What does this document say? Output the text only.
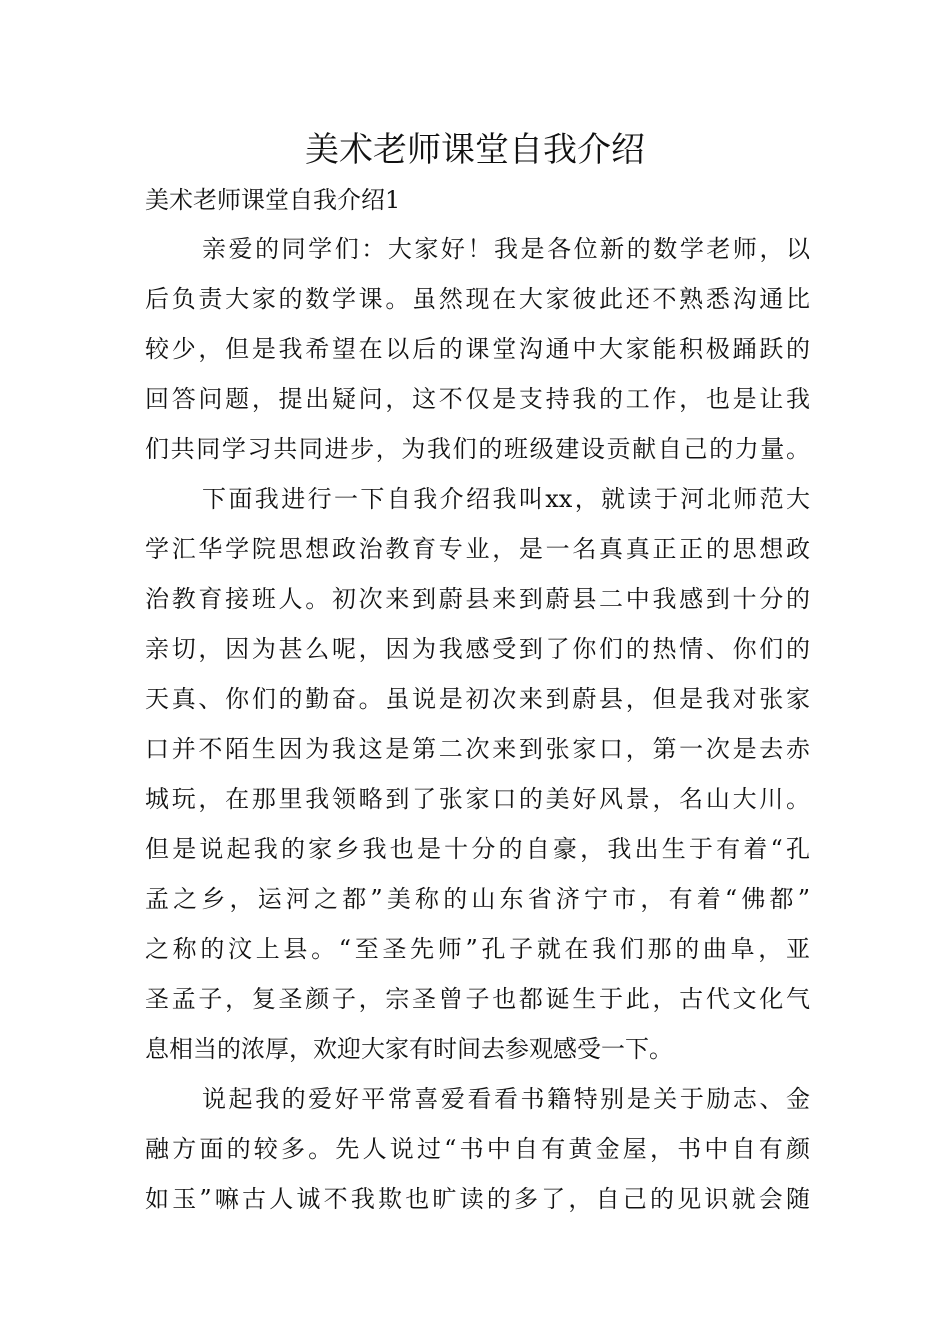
美术老师课堂自我介绍
美术老师课堂自我介绍1
亲爱的同学们：大家好！我是各位新的数学老师，以
后负责大家的数学课。虽然现在大家彼此还不熟悉沟通比
较少，但是我希望在以后的课堂沟通中大家能积极踊跃的
回答问题，提出疑问，这不仅是支持我的工作，也是让我
们共同学习共同进步，为我们的班级建设贡献自己的力量。
下面我进行一下自我介绍我叫xx，就读于河北师范大
学汇华学院思想政治教育专业，是一名真真正正的思想政
治教育接班人。初次来到蔚县来到蔚县二中我感到十分的
亲切，因为甚么呢，因为我感受到了你们的热情、你们的
天真、你们的勤奋。虽说是初次来到蔚县，但是我对张家
口并不陌生因为我这是第二次来到张家口，第一次是去赤
城玩，在那里我领略到了张家口的美好风景，名山大川。
但是说起我的家乡我也是十分的自豪，我出生于有着“孔
孟之乡，运河之都”美称的山东省济宁市，有着“佛都”
之称的汶上县。“至圣先师”孔子就在我们那的曲阜，亚
圣孟子，复圣颜子，宗圣曾子也都诞生于此，古代文化气
息相当的浓厚，欢迎大家有时间去参观感受一下。
说起我的爱好平常喜爱看看书籍特别是关于励志、金
融方面的较多。先人说过“书中自有黄金屋，书中自有颜
如玉”嘛古人诚不我欺也旷读的多了，自己的见识就会随
